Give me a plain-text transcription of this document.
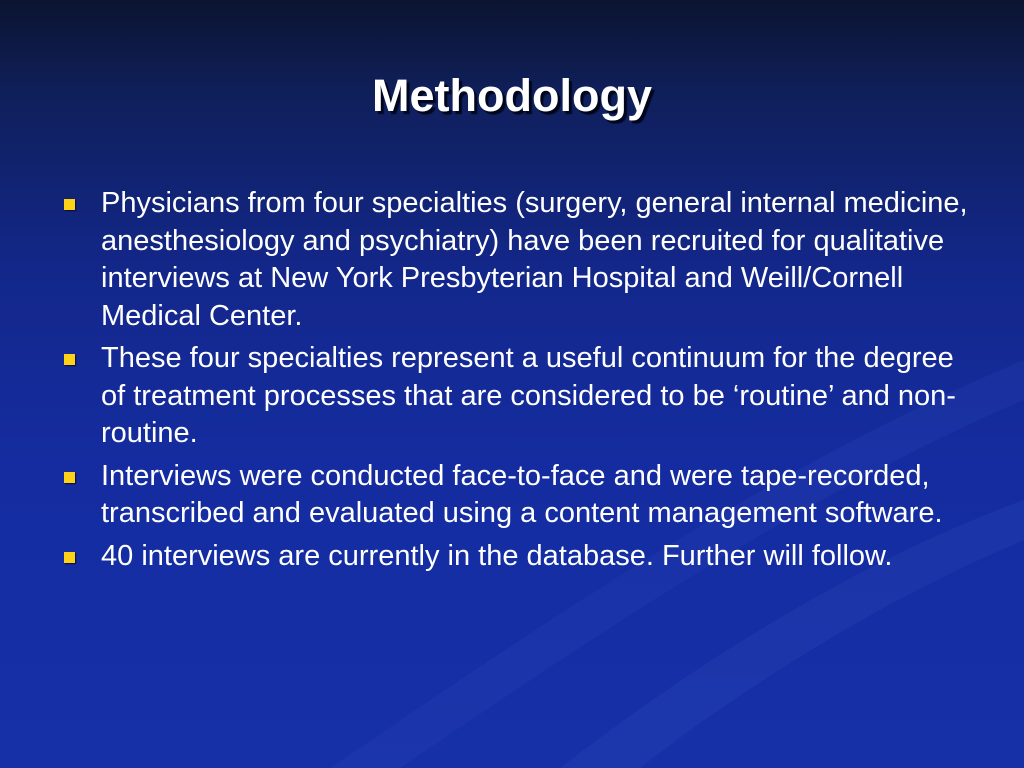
Methodology
Physicians from four specialties (surgery, general internal medicine, anesthesiology and psychiatry) have been recruited for qualitative interviews at New York Presbyterian Hospital and Weill/Cornell Medical Center.
These four specialties represent a useful continuum for the degree of treatment processes that are considered to be ‘routine’ and non-routine.
Interviews were conducted face-to-face and were tape-recorded, transcribed and evaluated using a content management software.
40 interviews are currently in the database. Further will follow.
